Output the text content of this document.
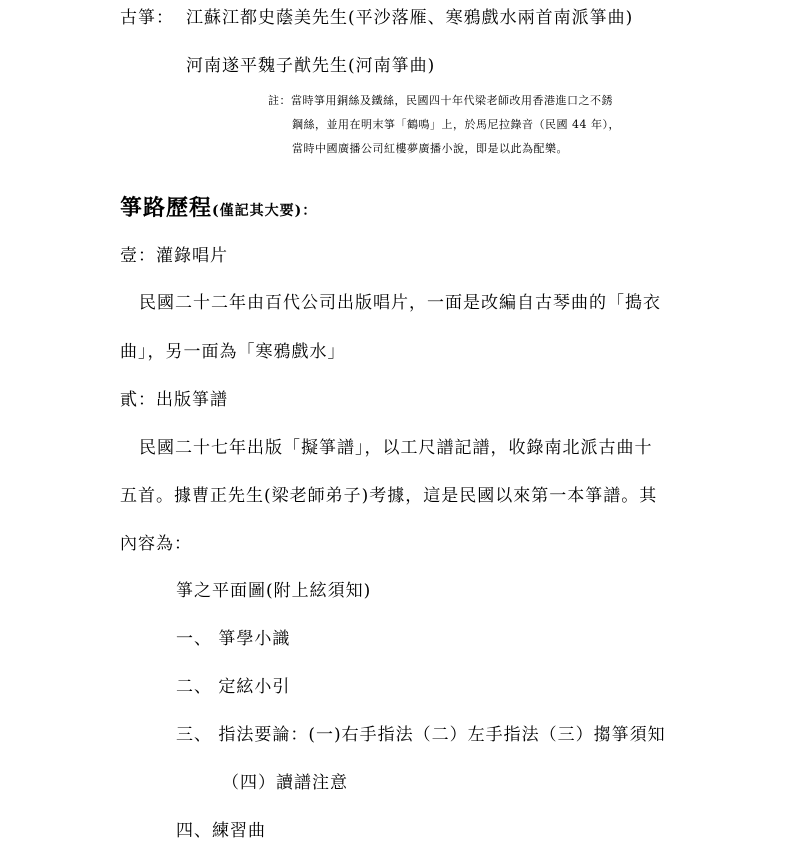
古箏： 江蘇江都史蔭美先生(平沙落雁、寒鴉戲水兩首南派箏曲)
河南遂平魏子猷先生(河南箏曲)
註：當時箏用銅絲及鐵絲，民國四十年代梁老師改用香港進口之不銹
鋼絲，並用在明末箏「鶴鳴」上，於馬尼拉錄音（民國 44 年），
當時中國廣播公司紅樓夢廣播小說，即是以此為配樂。
箏路歷程(僅記其大要)：
壹：灌錄唱片
民國二十二年由百代公司出版唱片，一面是改編自古琴曲的「搗衣
曲」，另一面為「寒鴉戲水」
貳：出版箏譜
民國二十七年出版「擬箏譜」，以工尺譜記譜，收錄南北派古曲十
五首。據曹正先生(梁老師弟子)考據，這是民國以來第一本箏譜。其
內容為：
箏之平面圖(附上絃須知)
一、 箏學小識
二、 定絃小引
三、 指法要論：(一)右手指法（二）左手指法（三）搊箏須知
（四）讀譜注意
四、練習曲
